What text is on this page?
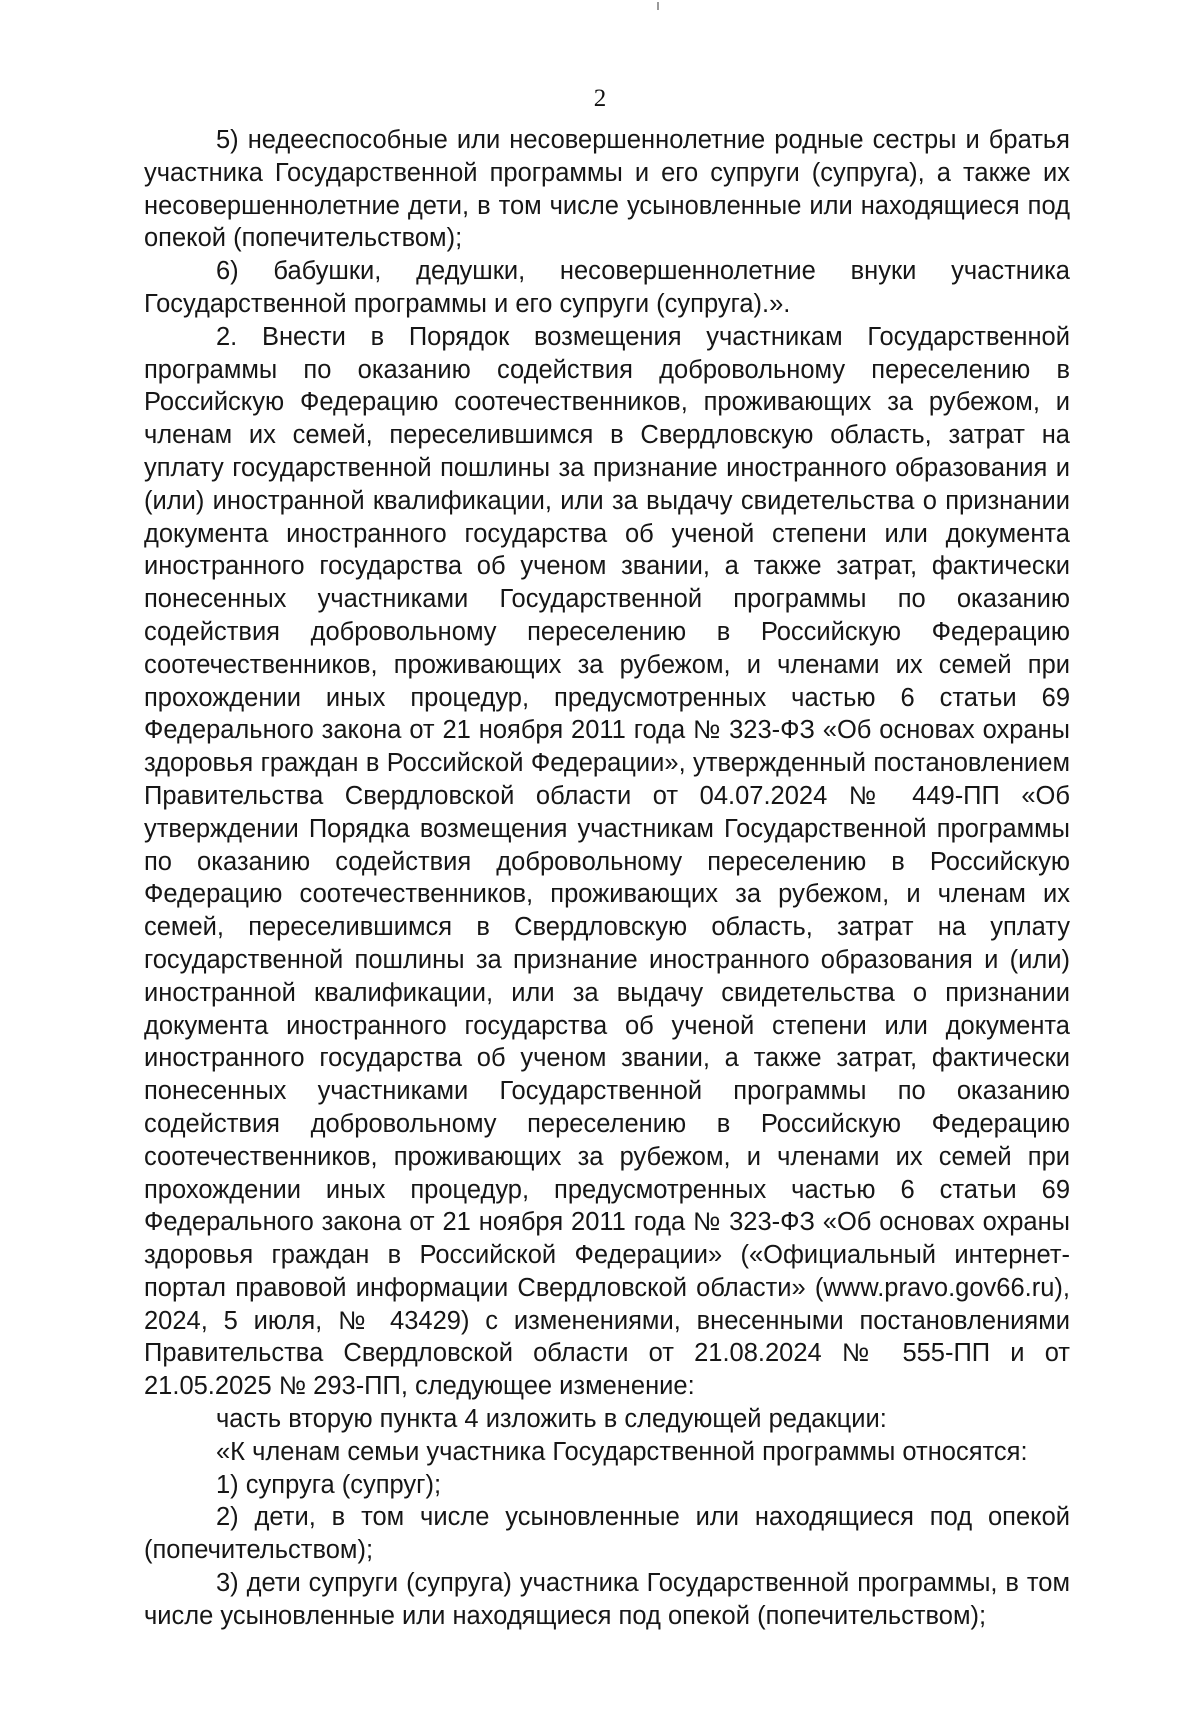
2

5) недееспособные или несовершеннолетние родные сестры и братья участника Государственной программы и его супруги (супруга), а также их несовершеннолетние дети, в том числе усыновленные или находящиеся под опекой (попечительством);

6) бабушки, дедушки, несовершеннолетние внуки участника Государственной программы и его супруги (супруга).».

2. Внести в Порядок возмещения участникам Государственной программы по оказанию содействия добровольному переселению в Российскую Федерацию соотечественников, проживающих за рубежом, и членам их семей, переселившимся в Свердловскую область, затрат на уплату государственной пошлины за признание иностранного образования и (или) иностранной квалификации, или за выдачу свидетельства о признании документа иностранного государства об ученой степени или документа иностранного государства об ученом звании, а также затрат, фактически понесенных участниками Государственной программы по оказанию содействия добровольному переселению в Российскую Федерацию соотечественников, проживающих за рубежом, и членами их семей при прохождении иных процедур, предусмотренных частью 6 статьи 69 Федерального закона от 21 ноября 2011 года № 323-ФЗ «Об основах охраны здоровья граждан в Российской Федерации», утвержденный постановлением Правительства Свердловской области от 04.07.2024 № 449-ПП «Об утверждении Порядка возмещения участникам Государственной программы по оказанию содействия добровольному переселению в Российскую Федерацию соотечественников, проживающих за рубежом, и членам их семей, переселившимся в Свердловскую область, затрат на уплату государственной пошлины за признание иностранного образования и (или) иностранной квалификации, или за выдачу свидетельства о признании документа иностранного государства об ученой степени или документа иностранного государства об ученом звании, а также затрат, фактически понесенных участниками Государственной программы по оказанию содействия добровольному переселению в Российскую Федерацию соотечественников, проживающих за рубежом, и членами их семей при прохождении иных процедур, предусмотренных частью 6 статьи 69 Федерального закона от 21 ноября 2011 года № 323-ФЗ «Об основах охраны здоровья граждан в Российской Федерации» («Официальный интернет-портал правовой информации Свердловской области» (www.pravo.gov66.ru), 2024, 5 июля, № 43429) с изменениями, внесенными постановлениями Правительства Свердловской области от 21.08.2024 № 555-ПП и от 21.05.2025 № 293-ПП, следующее изменение:

часть вторую пункта 4 изложить в следующей редакции:

«К членам семьи участника Государственной программы относятся:

1) супруга (супруг);

2) дети, в том числе усыновленные или находящиеся под опекой (попечительством);

3) дети супруги (супруга) участника Государственной программы, в том числе усыновленные или находящиеся под опекой (попечительством);
